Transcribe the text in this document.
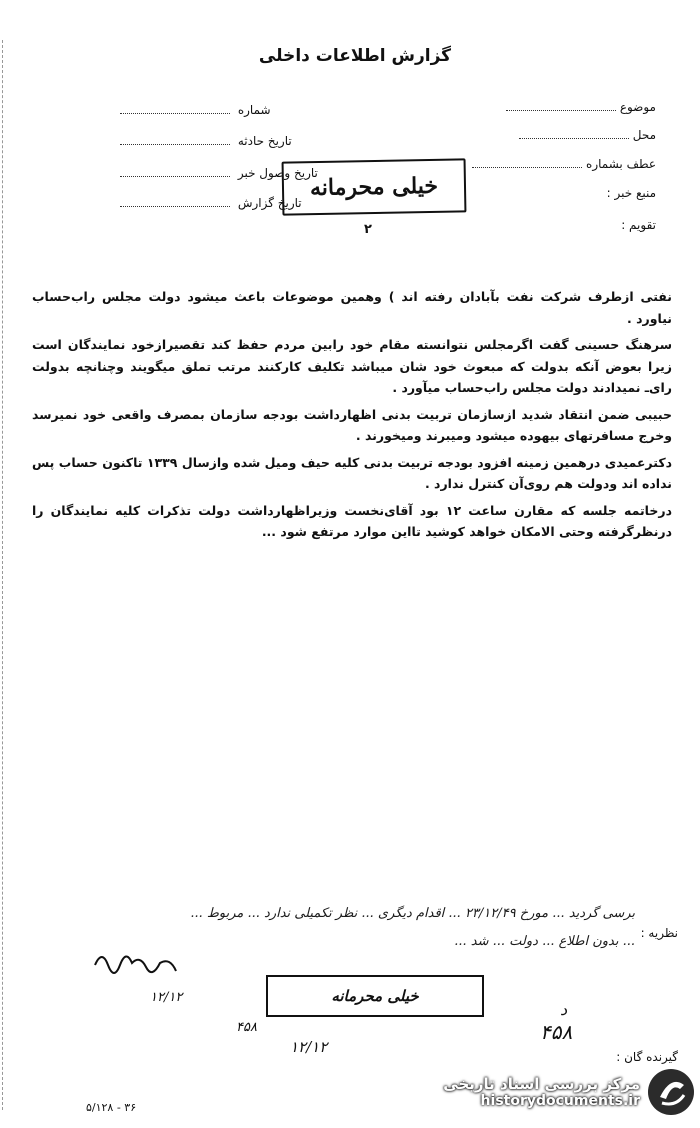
گزارش اطلاعات داخلی
شماره
تاریخ حادثه
تاریخ وصول خبر
تاریخ گزارش
موضوع
محل
عطف بشماره
منبع خبر :
تقویم :
خیلی محرمانه
۲

نفتی ازطرف شرکت نفت بآبادان رفته اند ) وهمین موضوعات باعث میشود دولت مجلس راب‌حساب نیاورد .

سرهنگ حسینی گفت اگرمجلس نتوانسته مقام خود رابین مردم حفظ کند تقصیرازخود نمایندگان است زیرا بعوض آنکه بدولت که مبعوث خود شان میباشد تکلیف کارکنند مرتب تملق میگویند وچنانچه بدولت رای‌ـ نمیدادند دولت مجلس راب‌حساب میآورد .

حبیبی ضمن انتقاد شدید ازسازمان تربیت بدنی اظهارداشت بودجه سازمان بمصرف واقعی خود نمیرسد وخرج مسافرتهای بیهوده میشود ومیبرند ومیخورند .

دکترعمیدی درهمین زمینه افزود بودجه تربیت بدنی کلیه حیف ومیل شده وازسال ۱۳۳۹ تاکنون حساب پس نداده اند ودولت هم روی‌آن کنترل ندارد .

درخاتمه جلسه که مقارن ساعت ۱۲ بود آقای‌نخست وزیراظهارداشت دولت تذکرات کلیه نمایندگان را درنظرگرفته وحتی الامکان خواهد کوشید تااین موارد مرتفع شود ...

نظریه :
برسی گردید ... مورخ ۲۳/۱۲/۴۹ ... اقدام دیگری ... نظر تکمیلی ندارد ... مربوط ...
... بدون اطلاع ... دولت ... شد ...
۱۲/۱۲	خیلی محرمانه
د
۴۵۸
۴۵۸
۱۲/۱۲
گیرنده گان :
۵/۱۲۸ - ۳۶
مرکز بررسی اسناد تاریخی
historydocuments.ir
